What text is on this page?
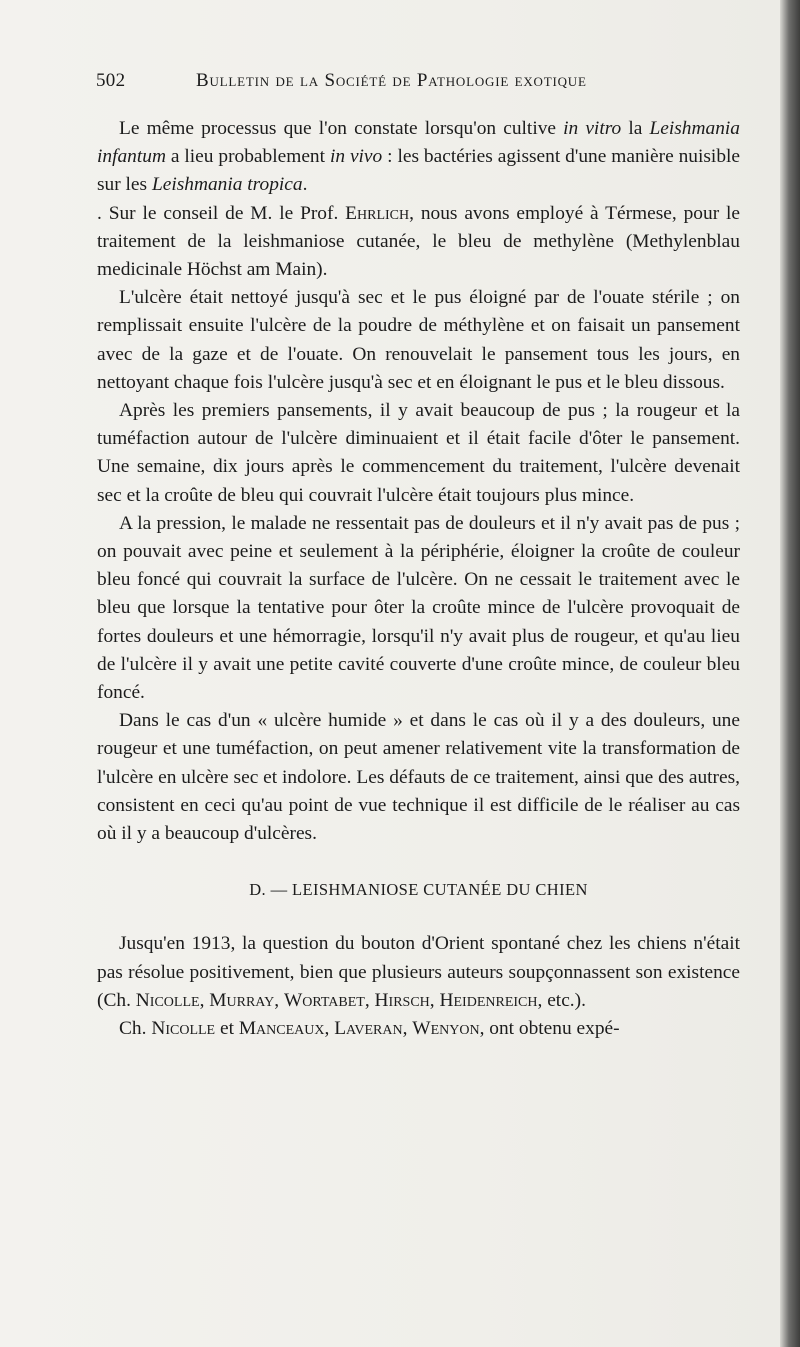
502	Bulletin de la Société de Pathologie exotique

Le même processus que l'on constate lorsqu'on cultive in vitro la Leishmania infantum a lieu probablement in vivo : les bactéries agissent d'une manière nuisible sur les Leishmania tropica.

. Sur le conseil de M. le Prof. Ehrlich, nous avons employé à Térmese, pour le traitement de la leishmaniose cutanée, le bleu de methylène (Methylenblau medicinale Höchst am Main).

L'ulcère était nettoyé jusqu'à sec et le pus éloigné par de l'ouate stérile ; on remplissait ensuite l'ulcère de la poudre de méthylène et on faisait un pansement avec de la gaze et de l'ouate. On renouvelait le pansement tous les jours, en nettoyant chaque fois l'ulcère jusqu'à sec et en éloignant le pus et le bleu dissous.

Après les premiers pansements, il y avait beaucoup de pus ; la rougeur et la tuméfaction autour de l'ulcère diminuaient et il était facile d'ôter le pansement. Une semaine, dix jours après le commencement du traitement, l'ulcère devenait sec et la croûte de bleu qui couvrait l'ulcère était toujours plus mince.

A la pression, le malade ne ressentait pas de douleurs et il n'y avait pas de pus ; on pouvait avec peine et seulement à la périphérie, éloigner la croûte de couleur bleu foncé qui couvrait la surface de l'ulcère. On ne cessait le traitement avec le bleu que lorsque la tentative pour ôter la croûte mince de l'ulcère provoquait de fortes douleurs et une hémorragie, lorsqu'il n'y avait plus de rougeur, et qu'au lieu de l'ulcère il y avait une petite cavité couverte d'une croûte mince, de couleur bleu foncé.

Dans le cas d'un « ulcère humide » et dans le cas où il y a des douleurs, une rougeur et une tuméfaction, on peut amener relativement vite la transformation de l'ulcère en ulcère sec et indolore. Les défauts de ce traitement, ainsi que des autres, consistent en ceci qu'au point de vue technique il est difficile de le réaliser au cas où il y a beaucoup d'ulcères.

D. — LEISHMANIOSE CUTANÉE DU CHIEN

Jusqu'en 1913, la question du bouton d'Orient spontané chez les chiens n'était pas résolue positivement, bien que plusieurs auteurs soupçonnassent son existence (Ch. Nicolle, Murray, Wortabet, Hirsch, Heidenreich, etc.).

Ch. Nicolle et Manceaux, Laveran, Wenyon, ont obtenu expé-
